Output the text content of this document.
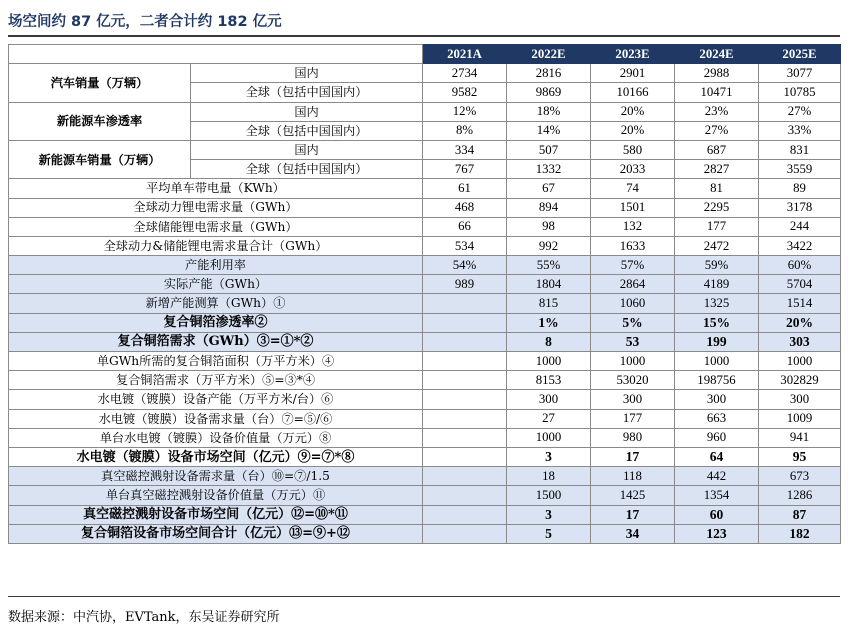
场空间约 87 亿元，二者合计约 182 亿元
		2021A	2022E	2023E	2024E	2025E
汽车销量（万辆）	国内	2734	2816	2901	2988	3077
	全球（包括中国国内）	9582	9869	10166	10471	10785
新能源车渗透率	国内	12%	18%	20%	23%	27%
	全球（包括中国国内）	8%	14%	20%	27%	33%
新能源车销量（万辆）	国内	334	507	580	687	831
	全球（包括中国国内）	767	1332	2033	2827	3559
平均单车带电量（KWh）		61	67	74	81	89
全球动力锂电需求量（GWh）		468	894	1501	2295	3178
全球储能锂电需求量（GWh）		66	98	132	177	244
全球动力&储能锂电需求量合计（GWh）		534	992	1633	2472	3422
产能利用率		54%	55%	57%	59%	60%
实际产能（GWh）		989	1804	2864	4189	5704
新增产能测算（GWh）①			815	1060	1325	1514
复合铜箔渗透率②			1%	5%	15%	20%
复合铜箔需求（GWh）③=①*②			8	53	199	303
单GWh所需的复合铜箔面积（万平方米）④			1000	1000	1000	1000
复合铜箔需求（万平方米）⑤=③*④			8153	53020	198756	302829
水电镀（镀膜）设备产能（万平方米/台）⑥			300	300	300	300
水电镀（镀膜）设备需求量（台）⑦=⑤/⑥			27	177	663	1009
单台水电镀（镀膜）设备价值量（万元）⑧			1000	980	960	941
水电镀（镀膜）设备市场空间（亿元）⑨=⑦*⑧			3	17	64	95
真空磁控溅射设备需求量（台）⑩=⑦/1.5			18	118	442	673
单台真空磁控溅射设备价值量（万元）⑪			1500	1425	1354	1286
真空磁控溅射设备市场空间（亿元）⑫=⑩*⑪			3	17	60	87
复合铜箔设备市场空间合计（亿元）⑬=⑨+⑫			5	34	123	182
数据来源：中汽协，EVTank，东吴证券研究所
